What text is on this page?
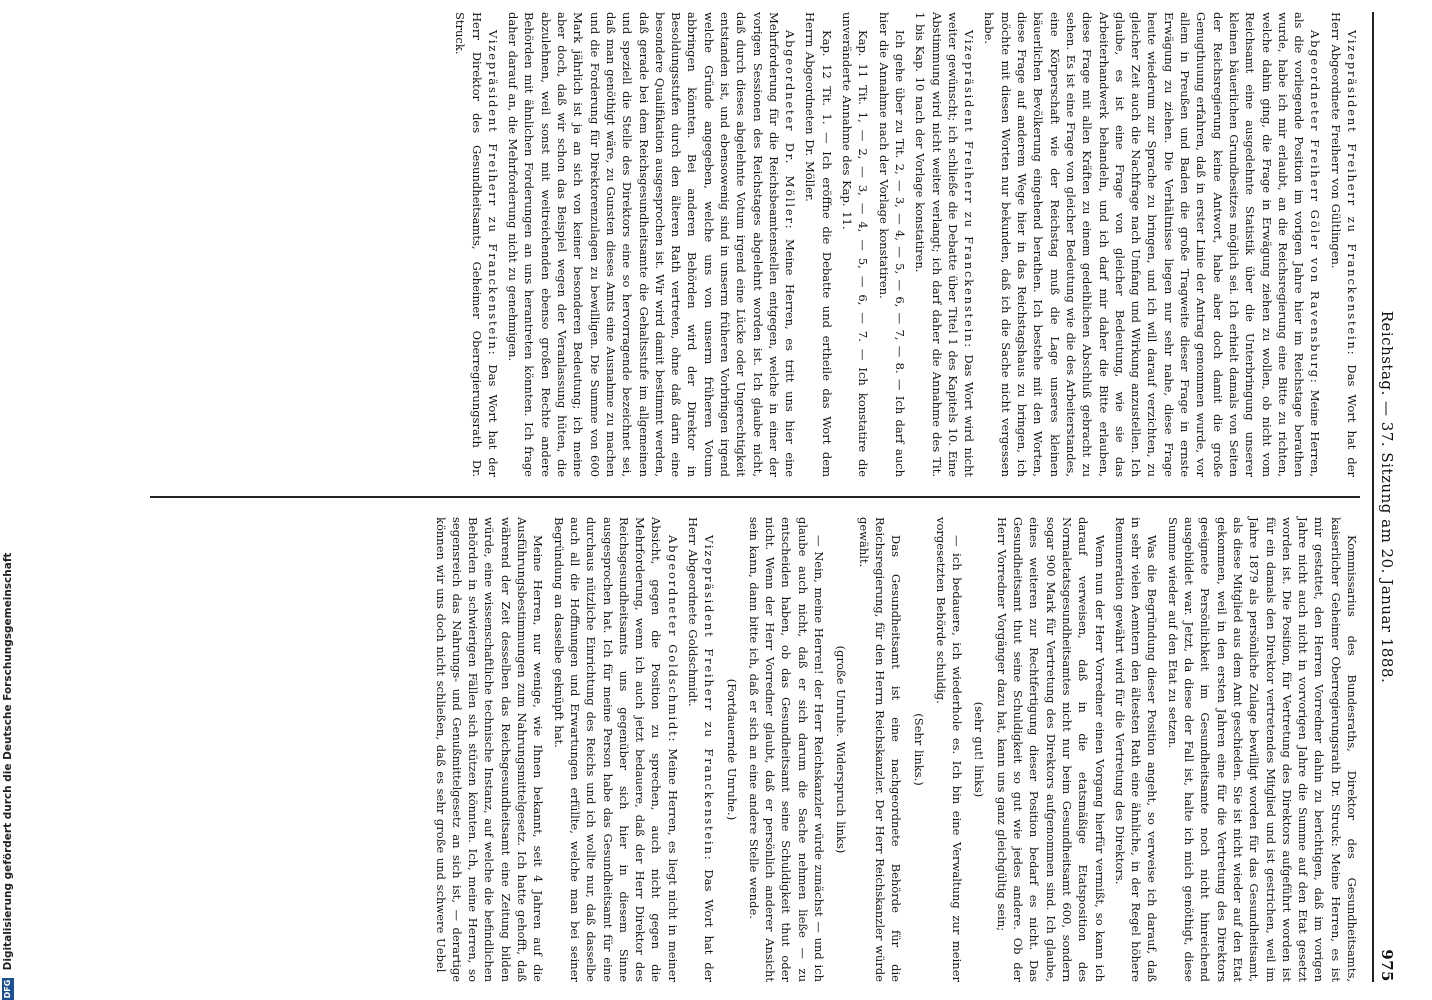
Reichstag. — 37. Sitzung am 20. Januar 1888.
975

Vizepräsident Freiherr zu Franckenstein: Das Wort hat der Herr Abgeordnete Freiherr von Gültlingen.

Abgeordneter Freiherr Göler von Ravensburg: Meine Herren, als die vorliegende Position im vorigen Jahre hier im Reichstage berathen wurde, habe ich mir erlaubt, an die Reichsregierung eine Bitte zu richten, welche dahin ging, die Frage in Erwägung ziehen zu wollen, ob nicht vom Reichsamt eine ausgedehnte Statistik über die Unterbringung unserer kleinen bäuerlichen Grundbesitzes möglich sei. Ich erhielt damals von Seiten der Reichsregierung keine Antwort, habe aber doch damit die große Genugthuung erfahren, daß in erster Linie der Antrag genommen wurde, vor allem in Preußen und Baden die große Tragweite dieser Frage in ernste Erwägung zu ziehen. Die Verhältnisse liegen nur sehr nahe, diese Frage heute wiederum zur Sprache zu bringen, und ich will darauf verzichten, zu gleicher Zeit auch die Nachfrage nach Umfang und Wirkung anzustellen. Ich glaube, es ist eine Frage von gleicher Bedeutung, wie sie das Arbeiterhandwerk behandeln, und ich darf mir daher die Bitte erlauben, diese Frage mit allen Kräften zu einem gedeihlichen Abschluß gebracht zu sehen. Es ist eine Frage von gleicher Bedeutung wie die des Arbeiterstandes, eine Körperschaft wie der Reichstag muß die Lage unseres kleinen bäuerlichen Bevölkerung eingehend berathen. Ich bestehe mit den Worten, diese Frage auf anderem Wege hier in das Reichstagshaus zu bringen, ich möchte mit diesen Worten nur bekunden, daß ich die Sache nicht vergessen habe.

Vizepräsident Freiherr zu Franckenstein: Das Wort wird nicht weiter gewünscht; ich schließe die Debatte über Titel 1 des Kapitels 10. Eine Abstimmung wird nicht weiter verlangt; ich darf daher die Annahme des Tit. 1 bis Kap. 10 nach der Vorlage konstatiren.

Ich gehe über zu Tit. 2, — 3, — 4, — 5, — 6, — 7, — 8. — Ich darf auch hier die Annahme nach der Vorlage konstatiren.

Kap. 11 Tit. 1, — 2, — 3, — 4, — 5, — 6, — 7. — Ich konstatire die unveränderte Annahme des Kap. 11.

Kap. 12 Tit. 1. — Ich eröffne die Debatte und ertheile das Wort dem Herrn Abgeordneten Dr. Möller.

Abgeordneter Dr. Möller: Meine Herren, es tritt uns hier eine Mehrforderung für die Reichsbeamtenstellen entgegen, welche in einer der vorigen Sessionen des Reichstages abgelehnt worden ist. Ich glaube nicht, daß durch dieses abgelehnte Votum irgend eine Lücke oder Ungerechtigkeit entstanden ist, und ebensowenig sind in unserm früheren Vorbringen irgend welche Gründe angegeben, welche uns von unserm früheren Votum abbringen könnten. Bei anderen Behörden wird der Direktor in Besoldungsstufen durch den älteren Rath vertreten, ohne daß darin eine besondere Qualifikation ausgesprochen ist. Wir wird damit bestimmt werden, daß gerade bei dem Reichsgesundheitsamte die Gehaltsstufe im allgemeinen und speziell die Stelle des Direktors eine so hervorragende bezeichnet sei, daß man genöthigt wäre, zu Gunsten dieses Amts eine Ausnahme zu machen und die Forderung für Direktorenzulagen zu bewilligen. Die Summe von 600 Mark jährlich ist ja an sich von keiner besonderen Bedeutung; ich meine aber doch, daß wir schon das Beispiel wegen der Veranlassung hüten, die abzulehnen, weil sonst mit weitreichenden ebenso großen Rechte andere Behörden mit ähnlichen Forderungen an uns herantreten könnten. Ich frage daher darauf an, die Mehrforderung nicht zu genehmigen.

Vizepräsident Freiherr zu Franckenstein: Das Wort hat der Herr Direktor des Gesundheitsamts, Geheimer Oberregierungsrath Dr. Struck.

Kommissarius des Bundesraths, Direktor des Gesundheitsamts, kaiserlicher Geheimer Oberregierungsrath Dr. Struck: Meine Herren, es ist mir gestattet, den Herren Vorredner dahin zu berichtigen, daß im vorigen Jahre nicht auch nicht in vorvorigen Jahre die Summe auf den Etat gesetzt worden ist. Die Position, für Vertretung des Direktors aufgeführt worden ist für ein damals den Direktor vertretendes Mitglied und ist gestrichen, weil im Jahre 1879 als persönliche Zulage bewilligt worden für das Gesundheitsamt, als diese Mitglied aus dem Amt geschieden. Sie ist nicht wieder auf den Etat gekommen, weil in den ersten Jahren eine für die Vertretung des Direktors geeignete Persönlichkeit im Gesundheitsamte noch nicht hinreichend ausgebildet war. Jetzt, da diese der Fall ist, halte ich mich genöthigt, diese Summe wieder auf den Etat zu setzen.

Was die Begründung dieser Position angeht, so verweise ich darauf, daß in sehr vielen Aemtern den ältesten Rath eine ähnliche, in der Regel höhere Remuneration gewährt wird für die Vertretung des Direktors.

Wenn nun der Herr Vorredner einen Vorgang hierfür vermißt, so kann ich darauf verweisen, daß in die etatsmäßige Etatsposition des Normaletatsgesundheitsamtes nicht nur beim Gesundheitsamt 600, sondern sogar 900 Mark für Vertretung des Direktors aufgenommen sind. Ich glaube, eines weiteren zur Rechtfertigung dieser Position bedarf es nicht. Das Gesundheitsamt thut seine Schuldigkeit so gut wie jedes andere. Ob der Herr Vorredner Vorgänger dazu hat, kann uns ganz gleichgültig sein;

(sehr gut! links)

— ich bedauere, ich wiederhole es. Ich bin eine Verwaltung zur meiner vorgesetzten Behörde schuldig.

(Sehr links.)

Das Gesundheitsamt ist eine nachgeordnete Behörde für die Reichsregierung, für den Herrn Reichskanzler. Der Herr Reichskanzler würde gewählt.

(große Unruhe. Widerspruch links)

— Nein, meine Herren! der Herr Reichskanzler würde zunächst — und ich glaube auch nicht, daß er sich darum die Sache nehmen ließe — zu entscheiden haben, ob das Gesundheitsamt seine Schuldigkeit thut oder nicht. Wenn der Herr Vorredner glaubt, daß er persönlich anderer Ansicht sein kann, dann bitte ich, daß er sich an eine andere Stelle wende.

(Fortdauernde Unruhe.)

Vizepräsident Freiherr zu Franckenstein: Das Wort hat der Herr Abgeordnete Goldschmidt.

Abgeordneter Goldschmidt: Meine Herren, es liegt nicht in meiner Absicht, gegen die Position zu sprechen, auch nicht gegen die Mehrforderung, wenn ich auch jetzt bedauere, daß der Herr Direktor des Reichsgesundheitsamts uns gegenüber sich hier in diesem Sinne ausgesprochen hat. Ich für meine Person habe das Gesundheitsamt für eine durchaus nützliche Einrichtung des Reichs und ich wollte nur, daß dasselbe auch all die Hoffnungen und Erwartungen erfüllte, welche man bei seiner Begründung an dasselbe geknüpft hat.

Meine Herren, nur wenige, wie Ihnen bekannt, seit 4 Jahren auf die Ausführungsbestimmungen zum Nahrungsmittelgesetz. Ich hatte gehofft, daß während der Zeit desselben das Reichsgesundheitsamt eine Zeitung bilden würde, eine wissenschaftliche technische Instanz, auf welche die befindlichen Behörden in schwierigen Fällen sich stützen könnten. Ich, meine Herren, so segensreich das Nahrungs- und Genußmittelgesetz an sich ist, — derartige können wir uns doch nicht schließen, daß es sehr große und schwere Uebel

DFG Digitalisierung gefördert durch die Deutsche Forschungsgemeinschaft
